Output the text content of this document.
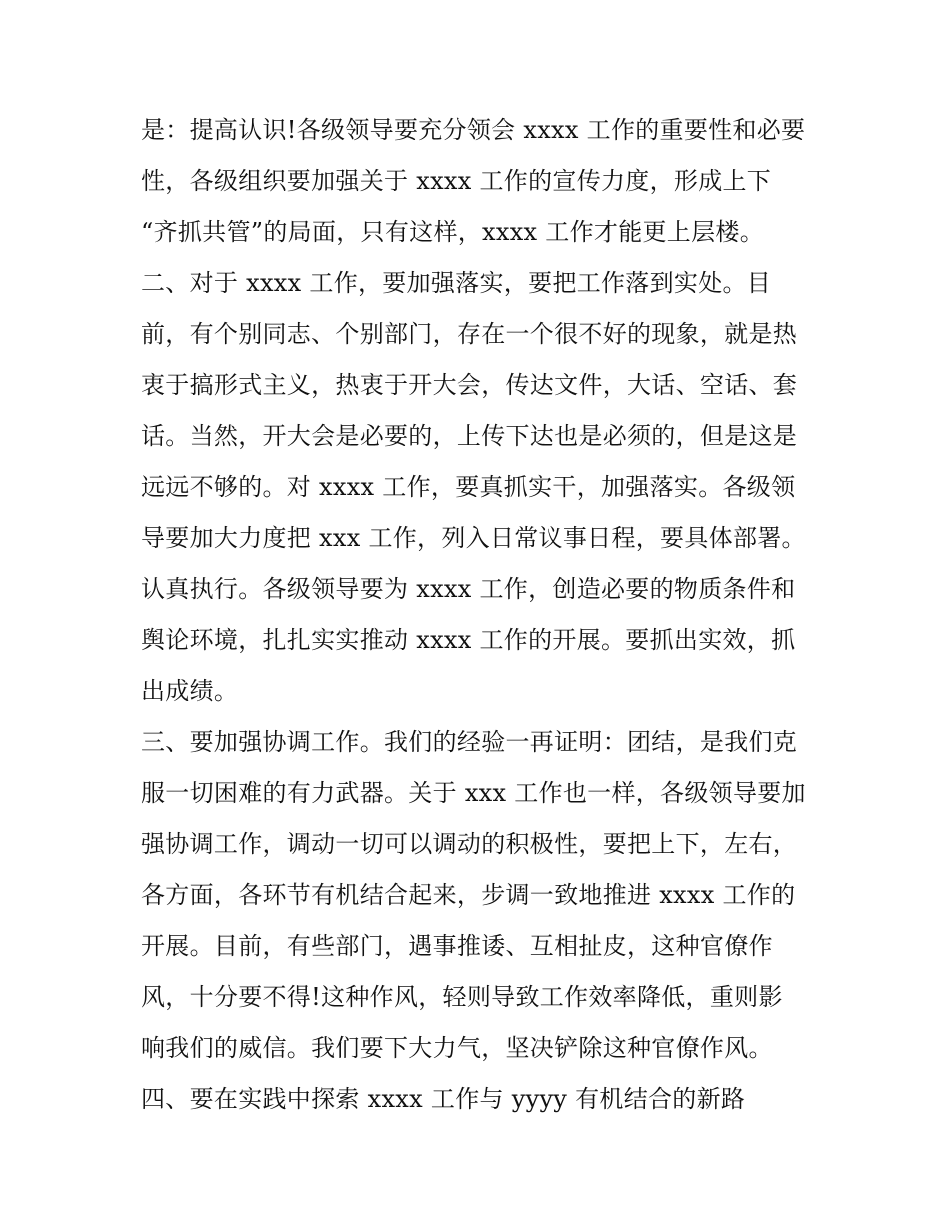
是：提高认识!各级领导要充分领会 xxxx 工作的重要性和必要
性，各级组织要加强关于 xxxx 工作的宣传力度，形成上下
“齐抓共管”的局面，只有这样，xxxx 工作才能更上层楼。
二、对于 xxxx 工作，要加强落实，要把工作落到实处。目
前，有个别同志、个别部门，存在一个很不好的现象，就是热
衷于搞形式主义，热衷于开大会，传达文件，大话、空话、套
话。当然，开大会是必要的，上传下达也是必须的，但是这是
远远不够的。对 xxxx 工作，要真抓实干，加强落实。各级领
导要加大力度把 xxx 工作，列入日常议事日程，要具体部署。
认真执行。各级领导要为 xxxx 工作，创造必要的物质条件和
舆论环境，扎扎实实推动 xxxx 工作的开展。要抓出实效，抓
出成绩。
三、要加强协调工作。我们的经验一再证明：团结，是我们克
服一切困难的有力武器。关于 xxx 工作也一样，各级领导要加
强协调工作，调动一切可以调动的积极性，要把上下，左右，
各方面，各环节有机结合起来，步调一致地推进 xxxx 工作的
开展。目前，有些部门，遇事推诿、互相扯皮，这种官僚作
风，十分要不得!这种作风，轻则导致工作效率降低，重则影
响我们的威信。我们要下大力气，坚决铲除这种官僚作风。
四、要在实践中探索 xxxx 工作与 yyyy 有机结合的新路
